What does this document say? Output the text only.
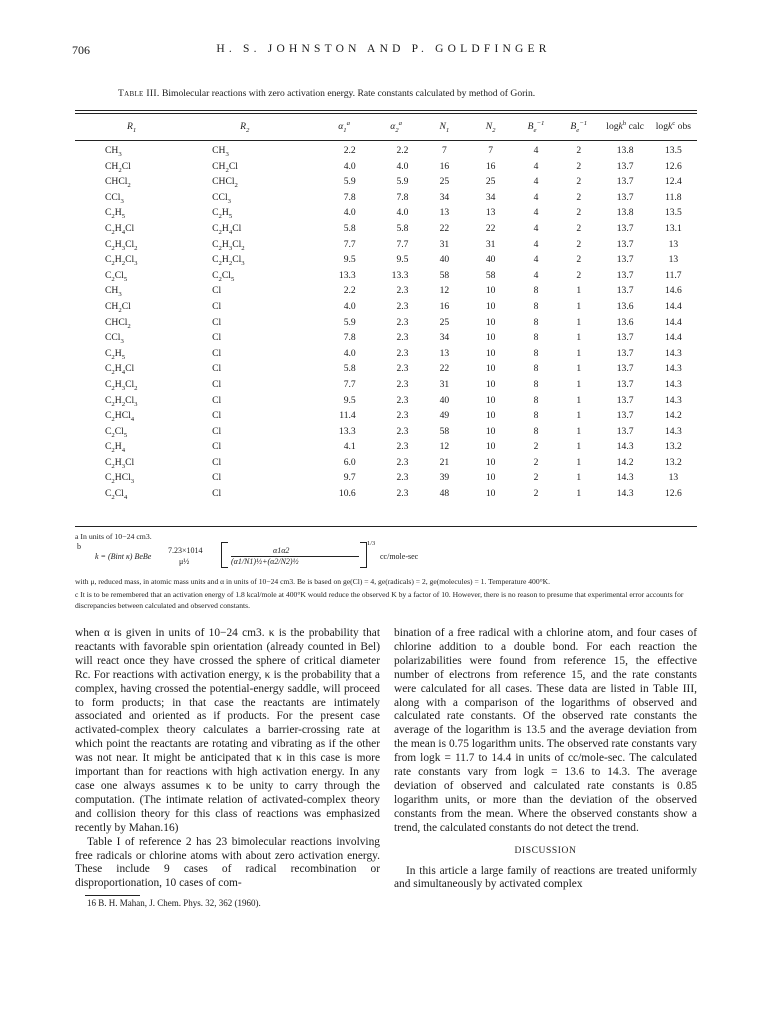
706	H. S. JOHNSTON AND P. GOLDFINGER
Table III. Bimolecular reactions with zero activation energy. Rate constants calculated by method of Gorin.
$R_1$	$R_2$	$\alpha_1^a$	$\alpha_2^a$	$N_1$	$N_2$	$B_e^{-1}$	$B_e^{-1}$	logk$^b$ calc	logk$^c$ obs

$CH_3$	$CH_3$	2.2	2.2	7	7	4	2	13.8	13.5
$CH_2Cl$	$CH_2Cl$	4.0	4.0	16	16	4	2	13.7	12.6
CHCl$_2$	CHCl$_2$	5.9	5.9	25	25	4	2	13.7	12.4
CCl$_3$	CCl$_3$	7.8	7.8	34	34	4	2	13.7	11.8
$C_2H_5$	$C_2H_5$	4.0	4.0	13	13	4	2	13.8	13.5
$C_2H_4Cl$	$C_2H_4Cl$	5.8	5.8	22	22	4	2	13.7	13.1
$C_2H_3Cl_2$	$C_2H_3Cl_2$	7.7	7.7	31	31	4	2	13.7	13
$C_2H_2Cl_3$	$C_2H_2Cl_3$	9.5	9.5	40	40	4	2	13.7	13
$C_2Cl_5$	$C_2Cl_5$	13.3	13.3	58	58	4	2	13.7	11.7
$CH_3$	Cl	2.2	2.3	12	10	8	1	13.7	14.6
$CH_2Cl$	Cl	4.0	2.3	16	10	8	1	13.6	14.4
CHCl$_2$	Cl	5.9	2.3	25	10	8	1	13.6	14.4
CCl$_3$	Cl	7.8	2.3	34	10	8	1	13.7	14.4
$C_2H_5$	Cl	4.0	2.3	13	10	8	1	13.7	14.3
$C_2H_4Cl$	Cl	5.8	2.3	22	10	8	1	13.7	14.3
$C_2H_3Cl_2$	Cl	7.7	2.3	31	10	8	1	13.7	14.3
$C_2H_2Cl_3$	Cl	9.5	2.3	40	10	8	1	13.7	14.3
$C_2HCl_4$	Cl	11.4	2.3	49	10	8	1	13.7	14.2
$C_2Cl_5$	Cl	13.3	2.3	58	10	8	1	13.7	14.3
$C_2H_4$	Cl	4.1	2.3	12	10	2	1	14.3	13.2
$C_2H_3Cl$	Cl	6.0	2.3	21	10	2	1	14.2	13.2
$C_2HCl_3$	Cl	9.7	2.3	39	10	2	1	14.3	13
$C_2Cl_4$	Cl	10.6	2.3	48	10	2	1	14.3	12.6
a In units of 10−24 cm3.
b
k = (Bint κ) BeBe
7.23×1014
μ½
α1α2
(α1/N1)½+(α2/N2)½
1/3
cc/mole-sec
with μ, reduced mass, in atomic mass units and α in units of 10−24 cm3. Be is based on ge(Cl) = 4, ge(radicals) = 2, ge(molecules) = 1. Temperature 400°K.
c It is to be remembered that an activation energy of 1.8 kcal/mole at 400°K would reduce the observed K by a factor of 10. However, there is no reason to presume that experimental error accounts for discrepancies between calculated and observed constants.

when α is given in units of 10−24 cm3. κ is the probability that reactants with favorable spin orientation (already counted in Bel) will react once they have crossed the sphere of critical diameter Rc. For reactions with activation energy, κ is the probability that a complex, having crossed the potential-energy saddle, will proceed to form products; in that case the reactants are intimately associated and oriented as if products. For the present case activated-complex theory calculates a barrier-crossing rate at which point the reactants are rotating and vibrating as if the other was not near. It might be anticipated that κ in this case is more important than for reactions with high activation energy. In any case one always assumes κ to be unity to carry through the computation. (The intimate relation of activated-complex theory and collision theory for this class of reactions was emphasized recently by Mahan.16)

Table I of reference 2 has 23 bimolecular reactions involving free radicals or chlorine atoms with about zero activation energy. These include 9 cases of radical recombination or disproportionation, 10 cases of com-

16 B. H. Mahan, J. Chem. Phys. 32, 362 (1960).

bination of a free radical with a chlorine atom, and four cases of chlorine addition to a double bond. For each reaction the polarizabilities were found from reference 15, the effective number of electrons from reference 15, and the rate constants were calculated for all cases. These data are listed in Table III, along with a comparison of the logarithms of observed and calculated rate constants. Of the observed rate constants the average of the logarithm is 13.5 and the average deviation from the mean is 0.75 logarithm units. The observed rate constants vary from logk = 11.7 to 14.4 in units of cc/mole-sec. The calculated rate constants vary from logk = 13.6 to 14.3. The average deviation of observed and calculated rate constants is 0.85 logarithm units, or more than the deviation of the observed constants from the mean. Where the observed constants show a trend, the calculated constants do not detect the trend.

DISCUSSION

In this article a large family of reactions are treated uniformly and simultaneously by activated complex
